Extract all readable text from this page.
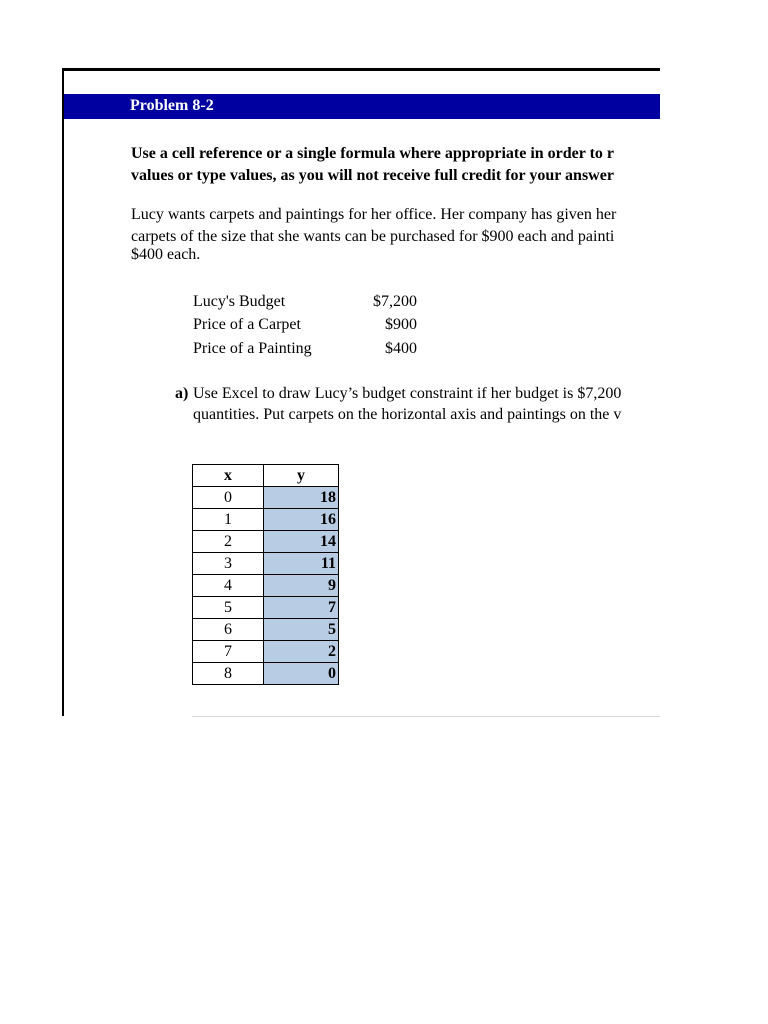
Problem 8-2
Use a cell reference or a single formula where appropriate in order to r
values or type values, as you will not receive full credit for your answer
Lucy wants carpets and paintings for her office. Her company has given her
carpets of the size that she wants can be purchased for $900 each and painti
$400 each.
Lucy's Budget	$7,200
Price of a Carpet	$900
Price of a Painting	$400
a) Use Excel to draw Lucy’s budget constraint if her budget is $7,200
quantities. Put carpets on the horizontal axis and paintings on the v
x	y
0	18
1	16
2	14
3	11
4	9
5	7
6	5
7	2
8	0
